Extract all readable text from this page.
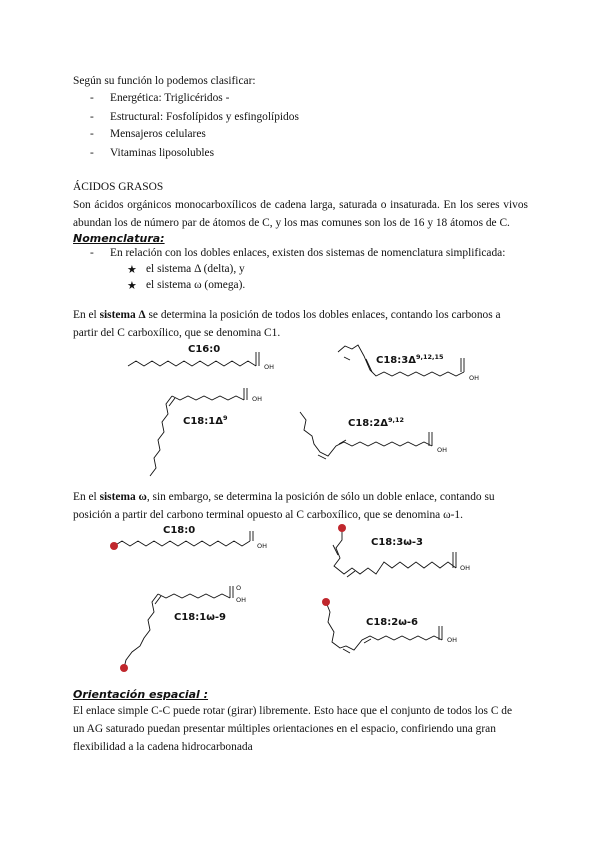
Según su función lo podemos clasificar:

- Energética: Triglicéridos -
- Estructural: Fosfolípidos y esfingolípidos
- Mensajeros celulares
- Vitaminas liposolubles

ÁCIDOS GRASOS

Son ácidos orgánicos monocarboxílicos de cadena larga, saturada o insaturada. En los seres vivos abundan los de número par de átomos de C, y los mas comunes son los de 16 y 18 átomos de C.

Nomenclatura:

- En relación con los dobles enlaces, existen dos sistemas de nomenclatura simplificada:
★ el sistema Δ (delta), y
★ el sistema ω (omega).

En el sistema Δ se determina la posición de todos los dobles enlaces, contando los carbonos a partir del C carboxílico, que se denomina C1.

En el sistema ω, sin embargo, se determina la posición de sólo un doble enlace, contando su posición a partir del carbono terminal opuesto al C carboxílico, que se denomina ω-1.

Orientación espacial :

El enlace simple C-C puede rotar (girar) libremente. Esto hace que el conjunto de todos los C de un AG saturado puedan presentar múltiples orientaciones en el espacio, confiriendo una gran flexibilidad a la cadena hidrocarbonada

OH
C16:0
OH
$C18:3\Delta^{9,12,15}$
OH
$C18:1\Delta^9$
OH
$C18:2\Delta^{9,12}$
OH
C18:0
OH
C18:3ω-3
O
OH
C18:1ω-9
OH
C18:2ω-6
